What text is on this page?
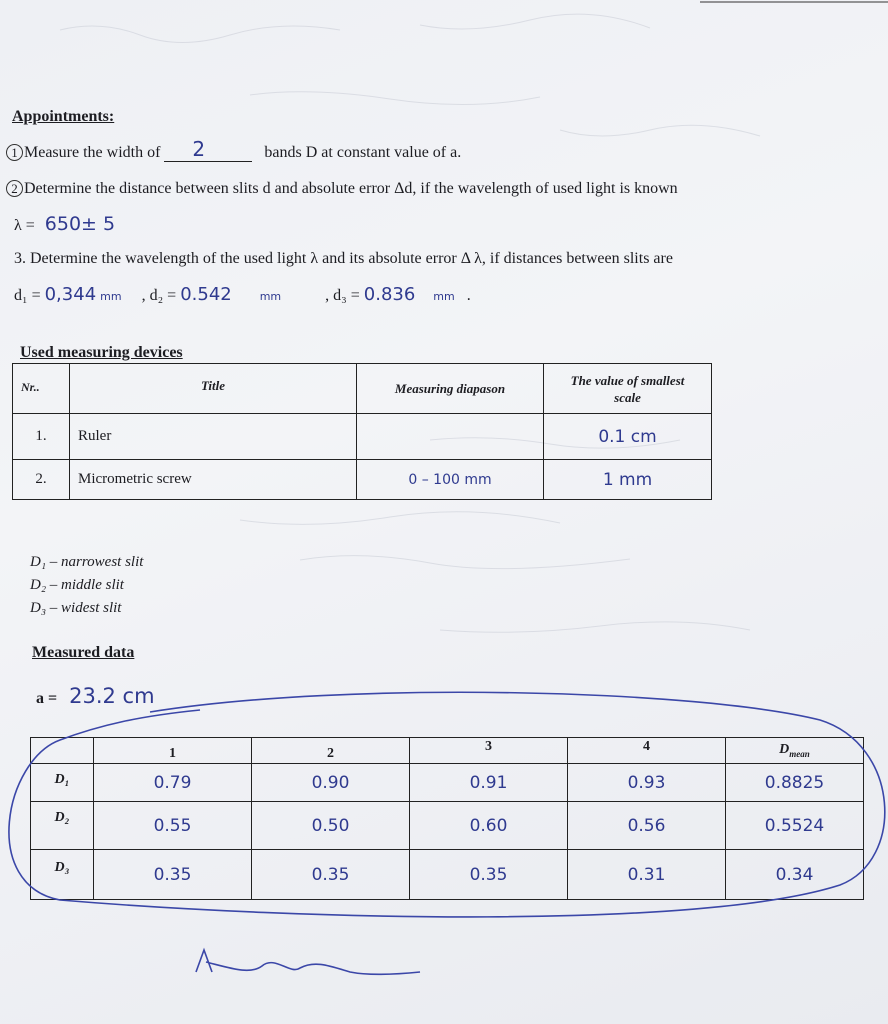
Appointments:
1 Measure the width of 2	bands D at constant value of a.
2 Determine the distance between slits d and absolute error Δd, if the wavelength of used light is known
λ = 650± 5
3. Determine the wavelength of the used light λ and its absolute error Δ λ, if distances between slits are
d₁ = 0,344 mm , d₂ = 0.542	mm	, d₃ = 0.836 mm .
Used measuring devices
Nr..	Title	Measuring diapason	The value of smallest
scale

1.	Ruler		0.1 cm
2.	Micrometric screw	0 – 100 mm	1 mm
D₁ – narrowest slit
D₂ – middle slit
D₃ – widest slit
Measured data
a = 23.2 cm
	1	2	3	4	$D_{mean}$
D₁	0.79	0.90	0.91	0.93	0.8825
D₂	0.55	0.50	0.60	0.56	0.5524
D₃	0.35	0.35	0.35	0.31	0.34
